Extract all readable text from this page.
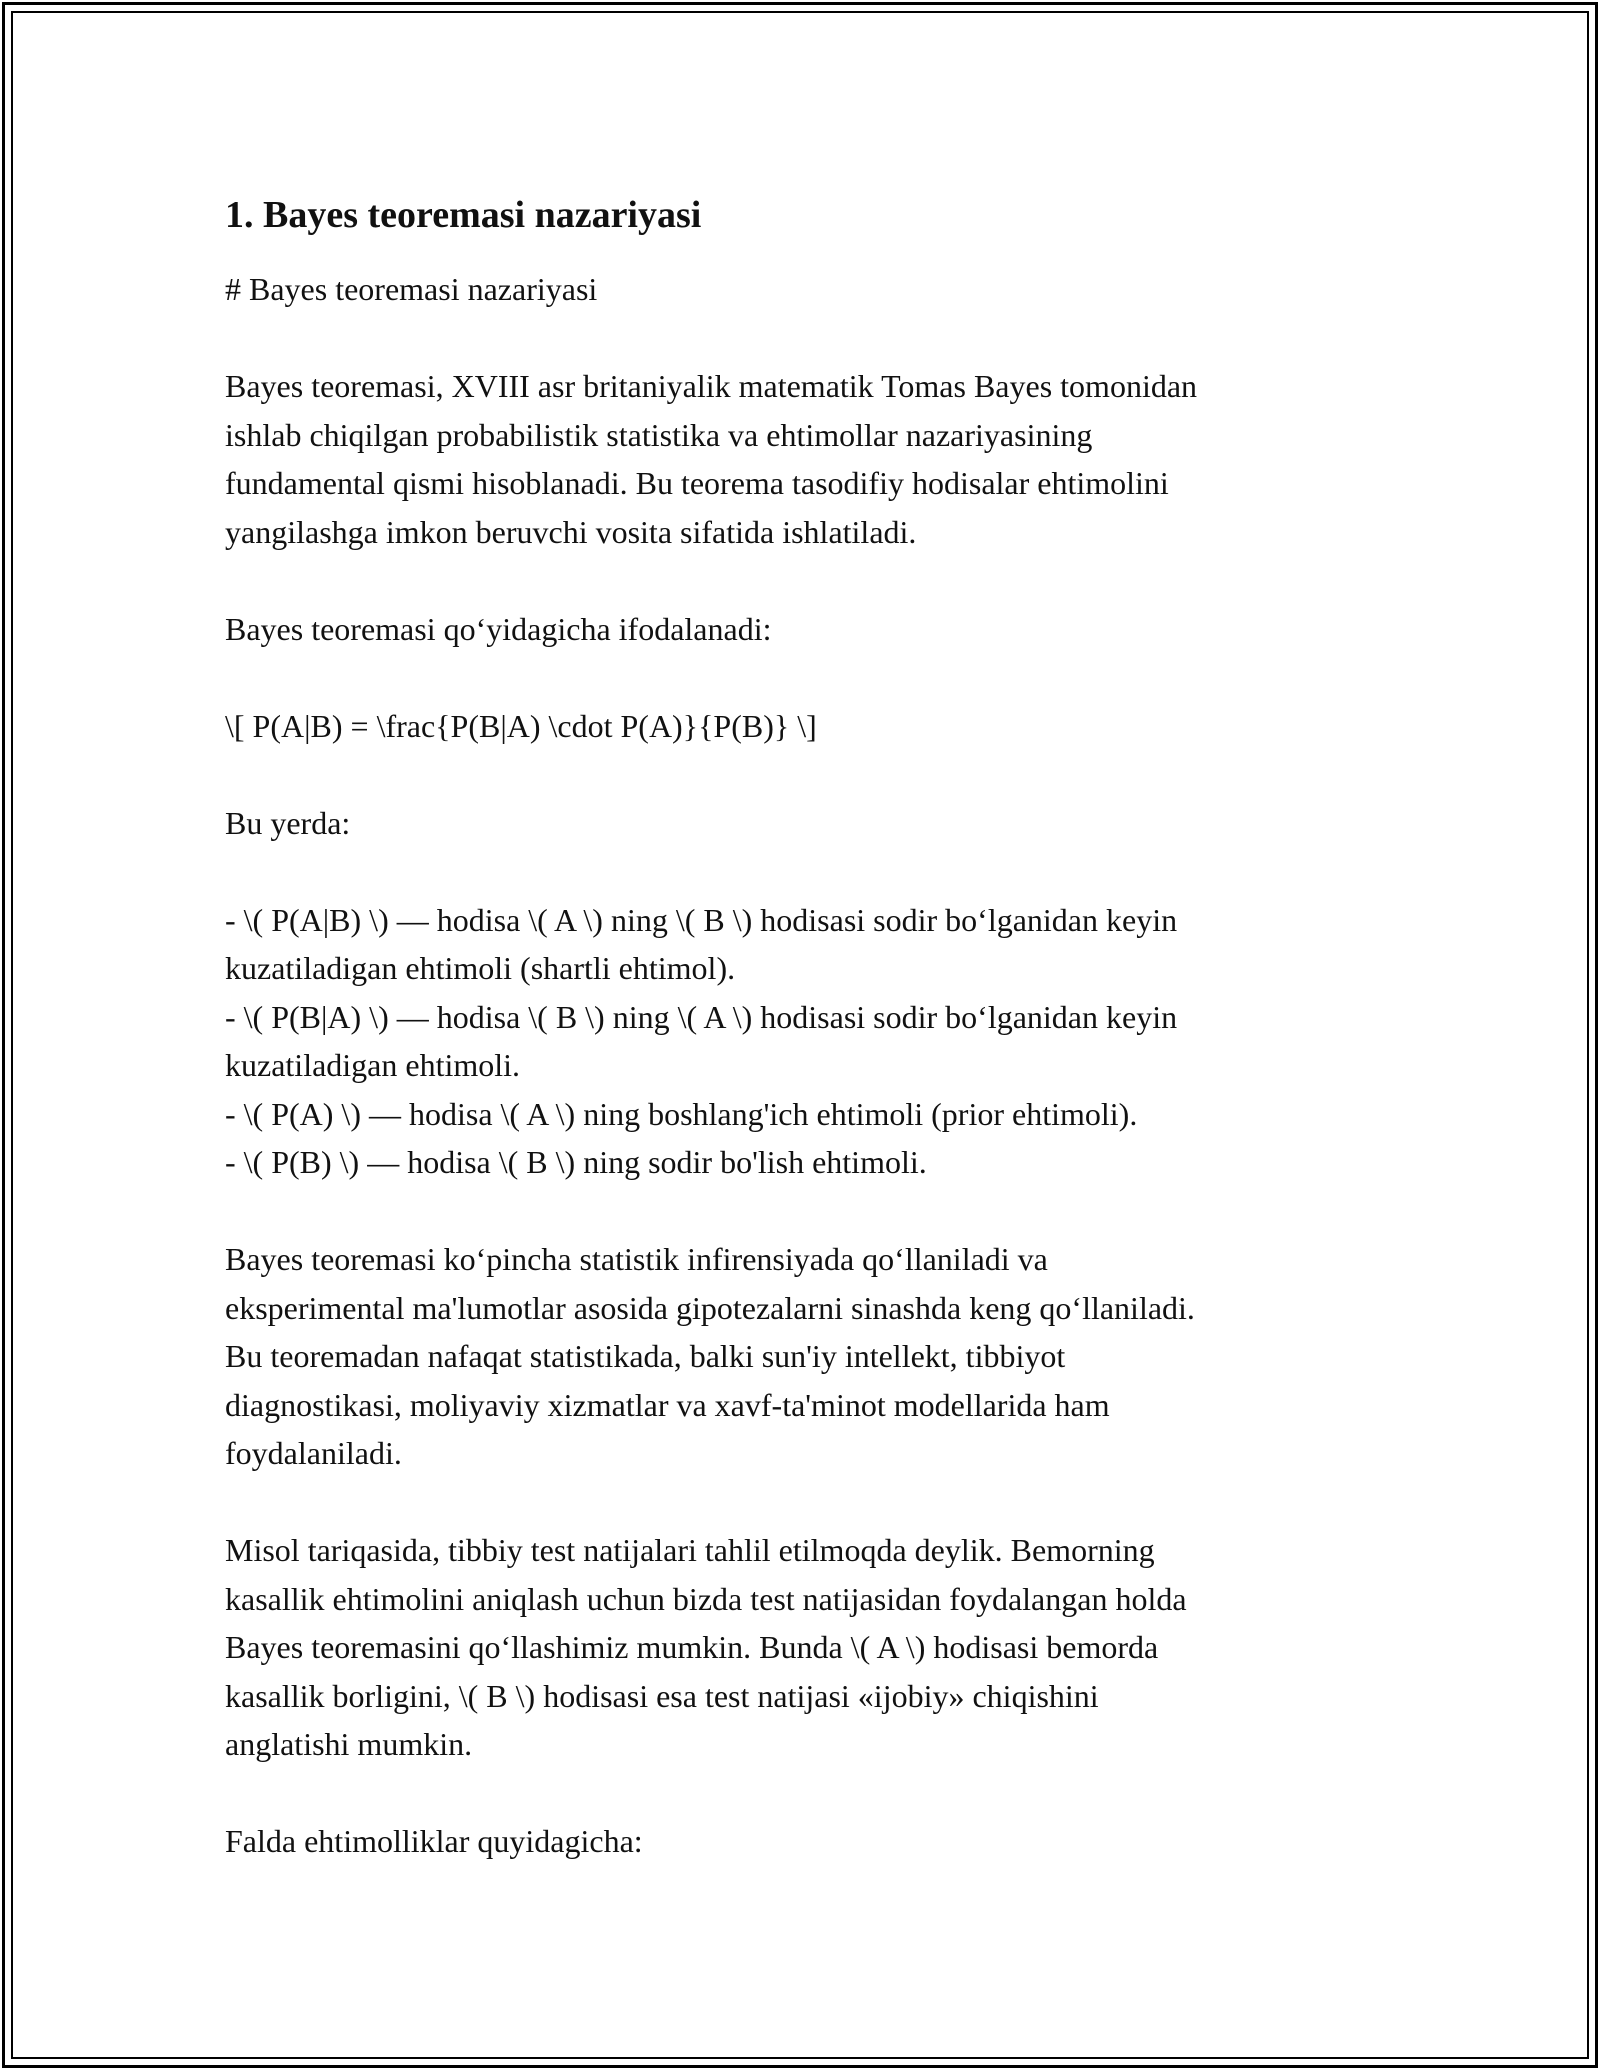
1. Bayes teoremasi nazariyasi
# Bayes teoremasi nazariyasi
Bayes teoremasi, XVIII asr britaniyalik matematik Tomas Bayes tomonidan
ishlab chiqilgan probabilistik statistika va ehtimollar nazariyasining
fundamental qismi hisoblanadi. Bu teorema tasodifiy hodisalar ehtimolini
yangilashga imkon beruvchi vosita sifatida ishlatiladi.
Bayes teoremasi qo‘yidagicha ifodalanadi:
\[ P(A|B) = \frac{P(B|A) \cdot P(A)}{P(B)} \]
Bu yerda:
- \( P(A|B) \) — hodisa \( A \) ning \( B \) hodisasi sodir bo‘lganidan keyin
kuzatiladigan ehtimoli (shartli ehtimol).
- \( P(B|A) \) — hodisa \( B \) ning \( A \) hodisasi sodir bo‘lganidan keyin
kuzatiladigan ehtimoli.
- \( P(A) \) — hodisa \( A \) ning boshlang'ich ehtimoli (prior ehtimoli).
- \( P(B) \) — hodisa \( B \) ning sodir bo'lish ehtimoli.
Bayes teoremasi ko‘pincha statistik infirensiyada qo‘llaniladi va
eksperimental ma'lumotlar asosida gipotezalarni sinashda keng qo‘llaniladi.
Bu teoremadan nafaqat statistikada, balki sun'iy intellekt, tibbiyot
diagnostikasi, moliyaviy xizmatlar va xavf-ta'minot modellarida ham
foydalaniladi.
Misol tariqasida, tibbiy test natijalari tahlil etilmoqda deylik. Bemorning
kasallik ehtimolini aniqlash uchun bizda test natijasidan foydalangan holda
Bayes teoremasini qo‘llashimiz mumkin. Bunda \( A \) hodisasi bemorda
kasallik borligini, \( B \) hodisasi esa test natijasi «ijobiy» chiqishini
anglatishi mumkin.
Falda ehtimolliklar quyidagicha:
